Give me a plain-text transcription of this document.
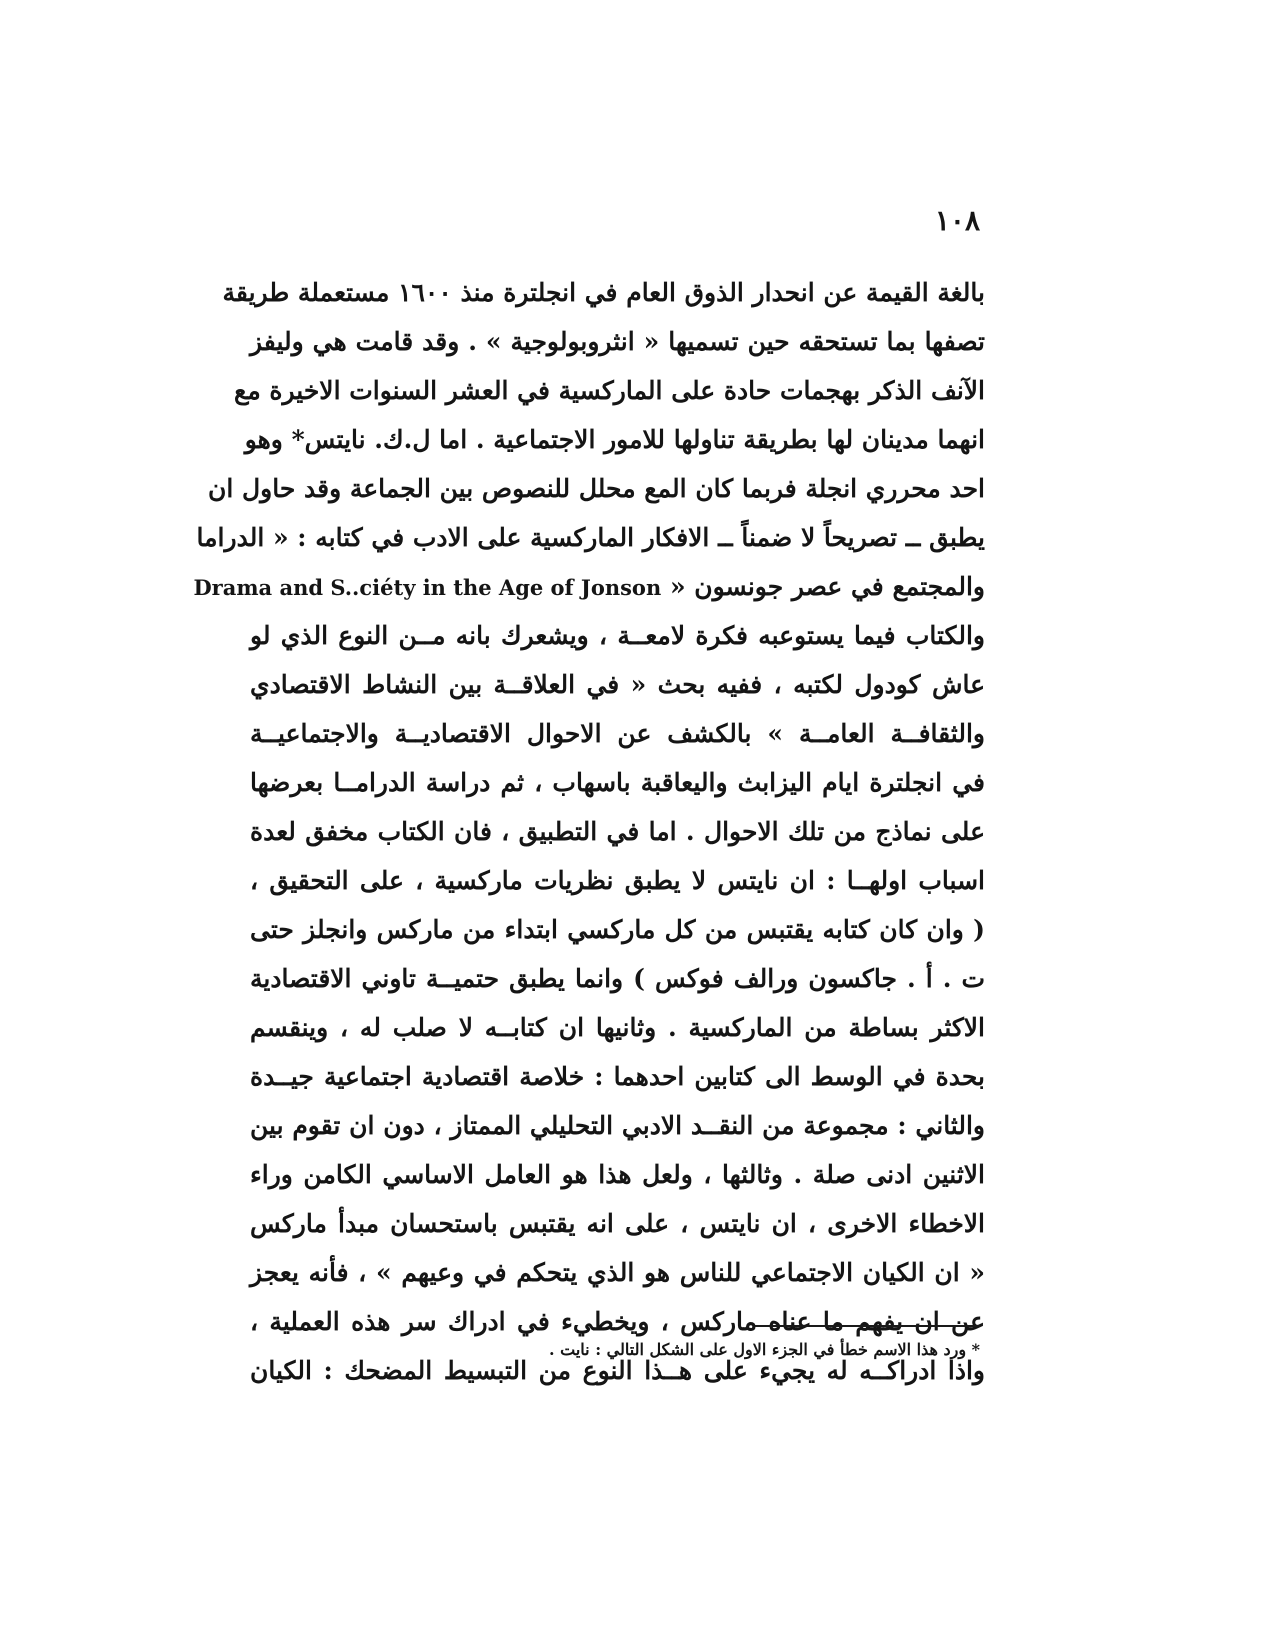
١٠٨
بالغة القيمة عن انحدار الذوق العام في انجلترة منذ ١٦٠٠ مستعملة طريقة
تصفها بما تستحقه حين تسميها « انثروبولوجية » . وقد قامت هي وليفز
الآنف الذكر بهجمات حادة على الماركسية في العشر السنوات الاخيرة مع
انهما مدينان لها بطريقة تناولها للامور الاجتماعية . اما ل.ك. نايتس* وهو
احد محرري انجلة فربما كان المع محلل للنصوص بين الجماعة وقد حاول ان
يطبق ــ تصريحاً لا ضمناً ــ الافكار الماركسية على الادب في كتابه : « الدراما
والمجتمع في عصر جونسون « Drama and S..ciéty in the Age of Jonson
والكتاب فيما يستوعبه فكرة لامعــة ، ويشعرك بانه مــن النوع الذي لو
عاش كودول لكتبه ، ففيه بحث « في العلاقــة بين النشاط الاقتصادي
والثقافــة العامــة » بالكشف عن الاحوال الاقتصاديــة والاجتماعيــة
في انجلترة ايام اليزابث واليعاقبة باسهاب ، ثم دراسة الدرامــا بعرضها
على نماذج من تلك الاحوال . اما في التطبيق ، فان الكتاب مخفق لعدة
اسباب اولهــا : ان نايتس لا يطبق نظريات ماركسية ، على التحقيق ،
( وان كان كتابه يقتبس من كل ماركسي ابتداء من ماركس وانجلز حتى
ت . أ . جاكسون ورالف فوكس ) وانما يطبق حتميــة تاوني الاقتصادية
الاكثر بساطة من الماركسية . وثانيها ان كتابــه لا صلب له ، وينقسم
بحدة في الوسط الى كتابين احدهما : خلاصة اقتصادية اجتماعية جيــدة
والثاني : مجموعة من النقــد الادبي التحليلي الممتاز ، دون ان تقوم بين
الاثنين ادنى صلة . وثالثها ، ولعل هذا هو العامل الاساسي الكامن وراء
الاخطاء الاخرى ، ان نايتس ، على انه يقتبس باستحسان مبدأ ماركس
« ان الكيان الاجتماعي للناس هو الذي يتحكم في وعيهم » ، فأنه يعجز
عن ان يفهم ما عناه ماركس ، ويخطيء في ادراك سر هذه العملية ،
واذا ادراكــه له يجيء على هــذا النوع من التبسيط المضحك : الكيان
* ورد هذا الاسم خطأ في الجزء الاول على الشكل التالي : نايت .
